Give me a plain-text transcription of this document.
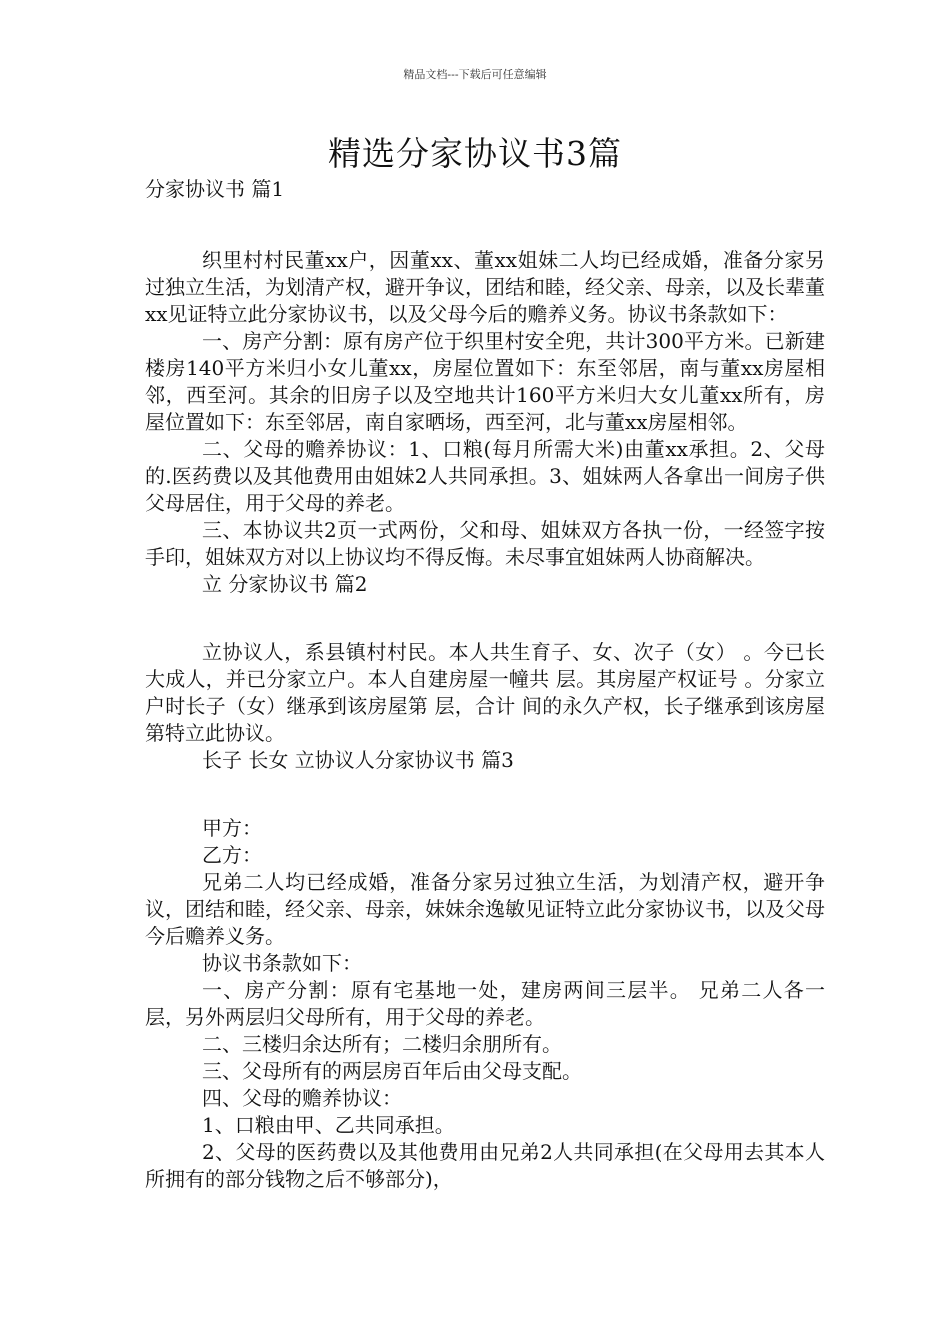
精品文档---下载后可任意编辑
精选分家协议书3篇

分家协议书 篇1

织里村村民董xx户，因董xx、董xx姐妹二人均已经成婚，准备分家另过独立生活，为划清产权，避开争议，团结和睦，经父亲、母亲，以及长辈董xx见证特立此分家协议书，以及父母今后的赡养义务。协议书条款如下：

一、房产分割：原有房产位于织里村安全兜，共计300平方米。已新建楼房140平方米归小女儿董xx，房屋位置如下：东至邻居，南与董xx房屋相邻，西至河。其余的旧房子以及空地共计160平方米归大女儿董xx所有，房屋位置如下：东至邻居，南自家晒场，西至河，北与董xx房屋相邻。

二、父母的赡养协议：1、口粮(每月所需大米)由董xx承担。2、父母的.医药费以及其他费用由姐妹2人共同承担。3、姐妹两人各拿出一间房子供父母居住，用于父母的养老。

三、本协议共2页一式两份，父和母、姐妹双方各执一份，一经签字按手印，姐妹双方对以上协议均不得反悔。未尽事宜姐妹两人协商解决。

立 分家协议书 篇2

立协议人，系县镇村村民。本人共生育子、女、次子（女） 。今已长大成人，并已分家立户。本人自建房屋一幢共 层。其房屋产权证号 。分家立户时长子（女）继承到该房屋第 层，合计 间的永久产权，长子继承到该房屋第特立此协议。

长子 长女 立协议人分家协议书 篇3

甲方：

乙方：

兄弟二人均已经成婚，准备分家另过独立生活，为划清产权，避开争议，团结和睦，经父亲、母亲，妹妹余逸敏见证特立此分家协议书，以及父母今后赡养义务。

协议书条款如下：

一、房产分割：原有宅基地一处，建房两间三层半。 兄弟二人各一层，另外两层归父母所有，用于父母的养老。

二、三楼归余达所有；二楼归余朋所有。

三、父母所有的两层房百年后由父母支配。

四、父母的赡养协议：

1、口粮由甲、乙共同承担。

2、父母的医药费以及其他费用由兄弟2人共同承担(在父母用去其本人所拥有的部分钱物之后不够部分)，
